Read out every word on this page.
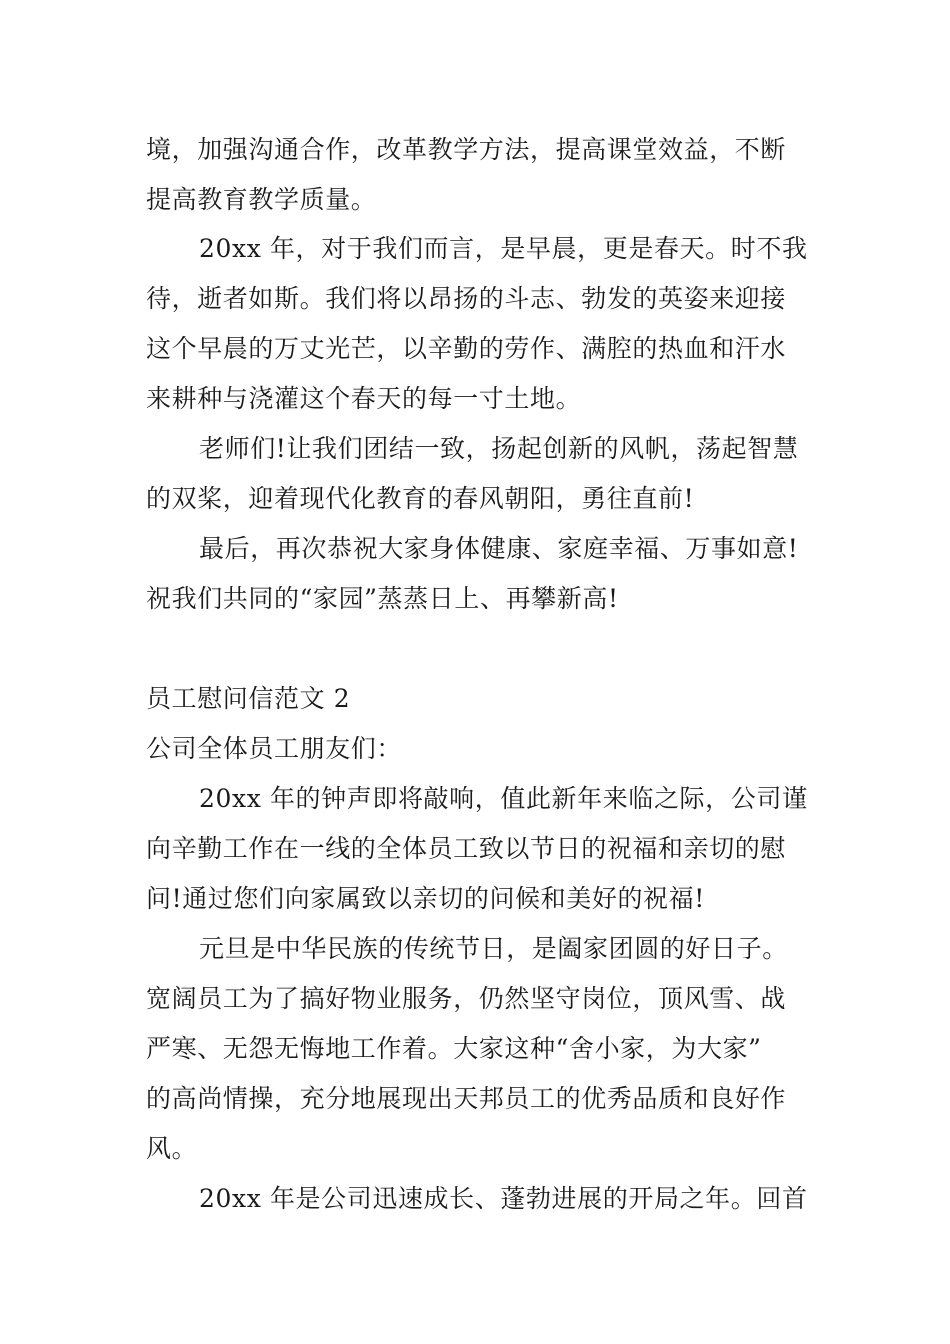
境，加强沟通合作，改革教学方法，提高课堂效益，不断
提高教育教学质量。
20xx 年，对于我们而言，是早晨，更是春天。时不我
待，逝者如斯。我们将以昂扬的斗志、勃发的英姿来迎接
这个早晨的万丈光芒，以辛勤的劳作、满腔的热血和汗水
来耕种与浇灌这个春天的每一寸土地。
老师们!让我们团结一致，扬起创新的风帆，荡起智慧
的双桨，迎着现代化教育的春风朝阳，勇往直前!
最后，再次恭祝大家身体健康、家庭幸福、万事如意!
祝我们共同的“家园”蒸蒸日上、再攀新高!
员工慰问信范文 2
公司全体员工朋友们：
20xx 年的钟声即将敲响，值此新年来临之际，公司谨
向辛勤工作在一线的全体员工致以节日的祝福和亲切的慰
问!通过您们向家属致以亲切的问候和美好的祝福!
元旦是中华民族的传统节日，是阖家团圆的好日子。
宽阔员工为了搞好物业服务，仍然坚守岗位，顶风雪、战
严寒、无怨无悔地工作着。大家这种“舍小家，为大家”
的高尚情操，充分地展现出天邦员工的优秀品质和良好作
风。
20xx 年是公司迅速成长、蓬勃进展的开局之年。回首
